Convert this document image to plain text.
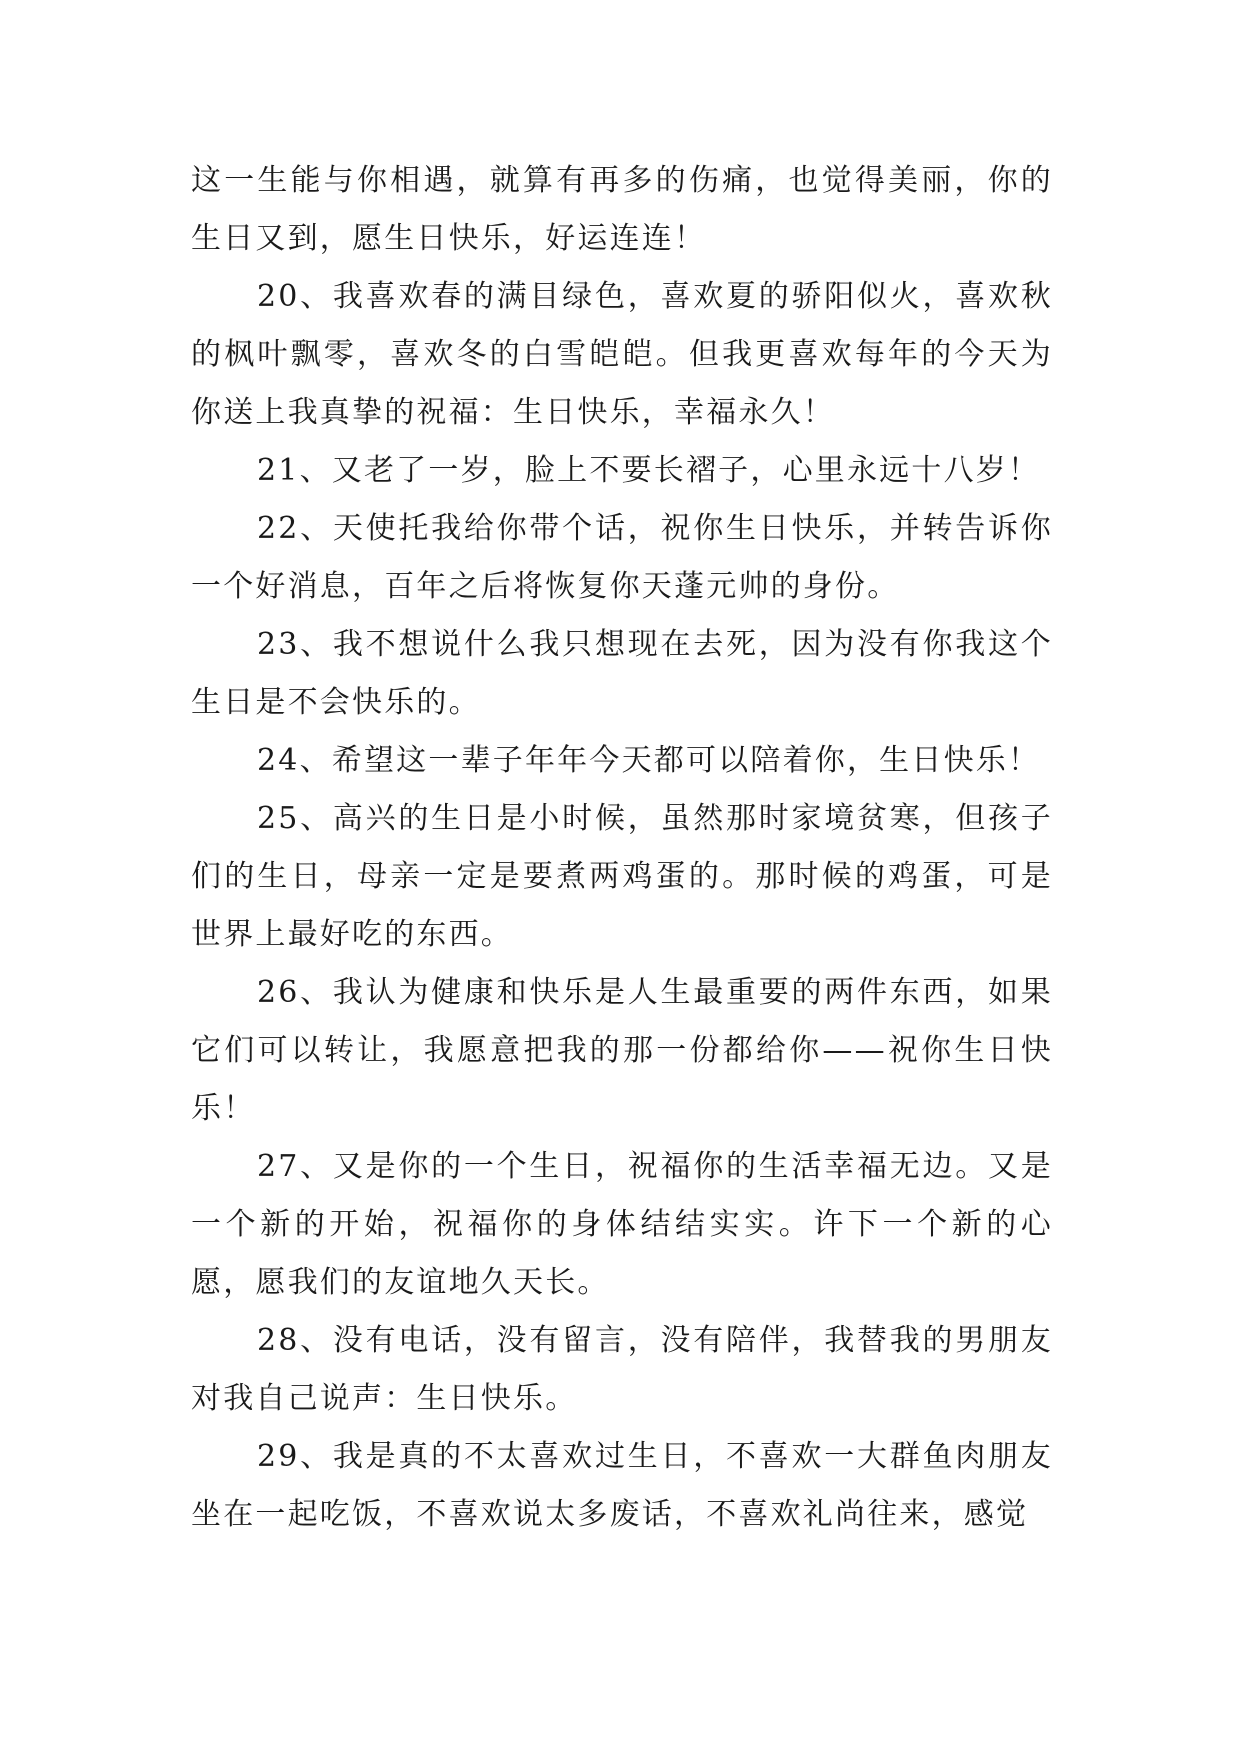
这一生能与你相遇，就算有再多的伤痛，也觉得美丽，你的生日又到，愿生日快乐，好运连连！

20、我喜欢春的满目绿色，喜欢夏的骄阳似火，喜欢秋的枫叶飘零，喜欢冬的白雪皑皑。但我更喜欢每年的今天为你送上我真挚的祝福：生日快乐，幸福永久！

21、又老了一岁，脸上不要长褶子，心里永远十八岁！

22、天使托我给你带个话，祝你生日快乐，并转告诉你一个好消息，百年之后将恢复你天蓬元帅的身份。

23、我不想说什么我只想现在去死，因为没有你我这个生日是不会快乐的。

24、希望这一辈子年年今天都可以陪着你，生日快乐！

25、高兴的生日是小时候，虽然那时家境贫寒，但孩子们的生日，母亲一定是要煮两鸡蛋的。那时候的鸡蛋，可是世界上最好吃的东西。

26、我认为健康和快乐是人生最重要的两件东西，如果它们可以转让，我愿意把我的那一份都给你——祝你生日快乐！

27、又是你的一个生日，祝福你的生活幸福无边。又是一个新的开始，祝福你的身体结结实实。许下一个新的心愿，愿我们的友谊地久天长。

28、没有电话，没有留言，没有陪伴，我替我的男朋友对我自己说声：生日快乐。

29、我是真的不太喜欢过生日，不喜欢一大群鱼肉朋友坐在一起吃饭，不喜欢说太多废话，不喜欢礼尚往来，感觉
